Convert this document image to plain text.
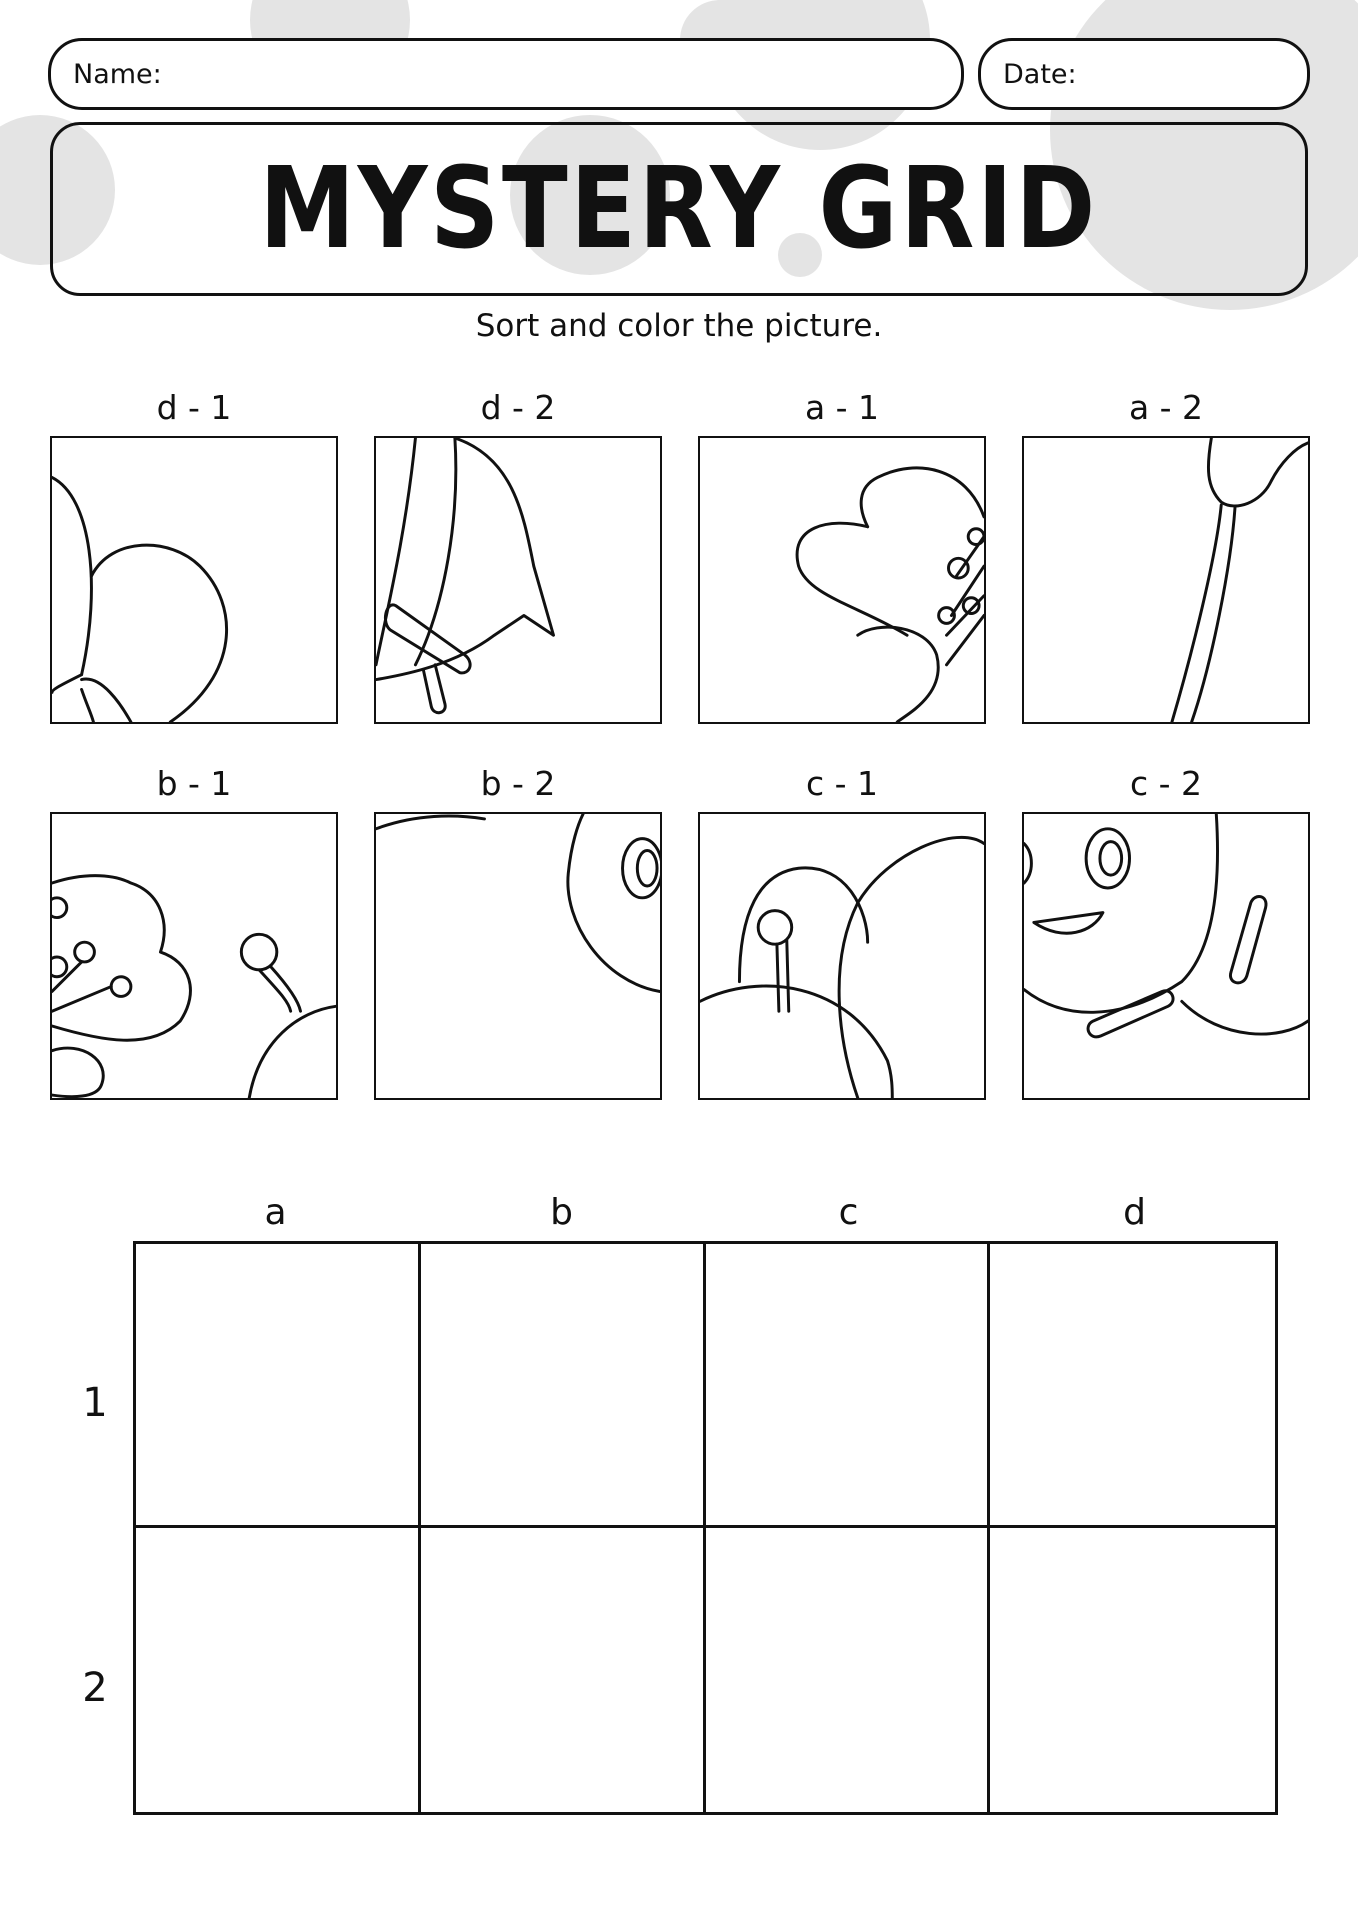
Name:	Date:
MYSTERY GRID
Sort and color the picture.
d - 1	d - 2	a - 1	a - 2
b - 1	b - 2	c - 1	c - 2
a	b	c	d
1
2
